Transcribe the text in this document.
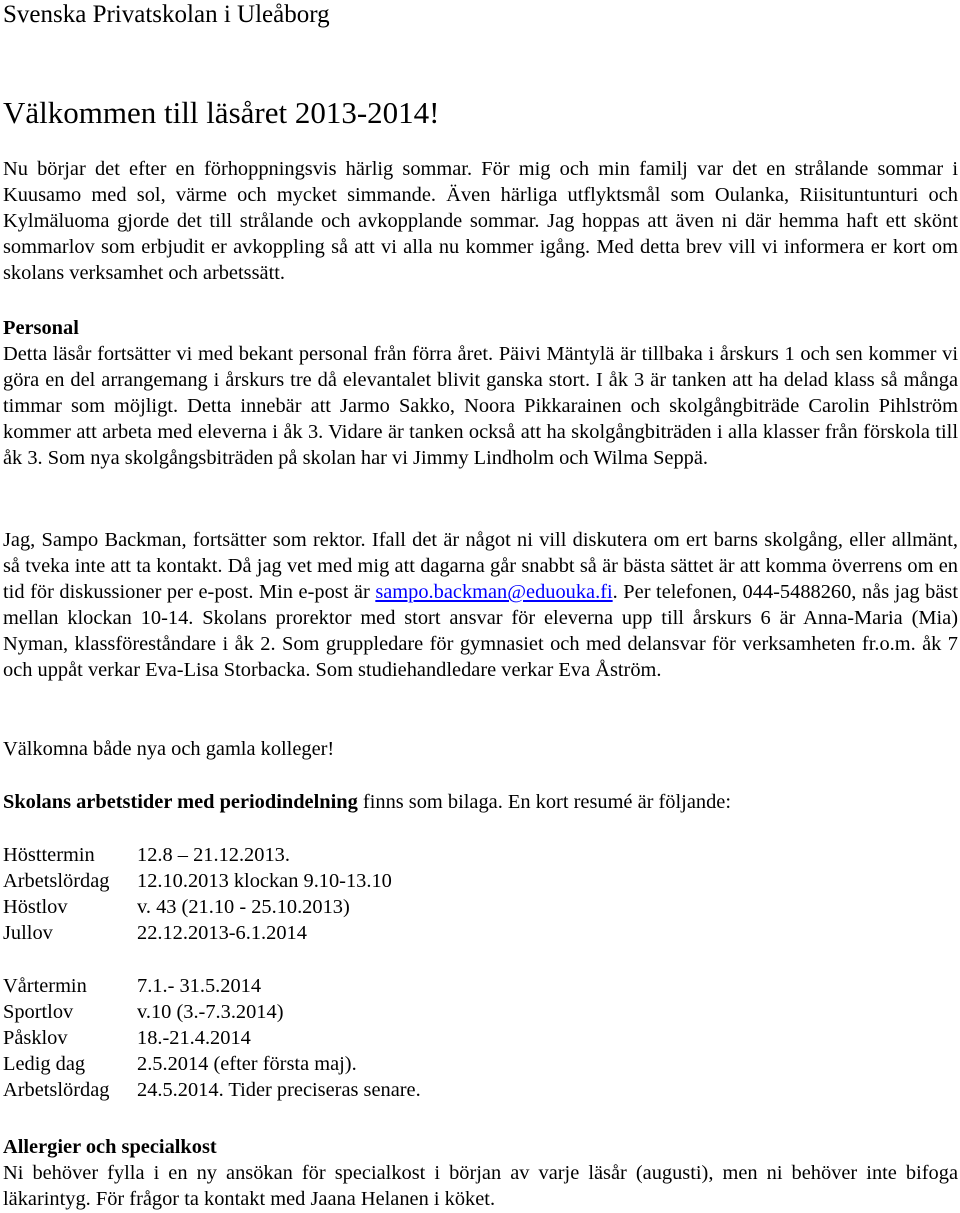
Svenska Privatskolan i Uleåborg
Välkommen till läsåret 2013-2014!

Nu börjar det efter en förhoppningsvis härlig sommar. För mig och min familj var det en strålande sommar i Kuusamo med sol, värme och mycket simmande. Även härliga utflyktsmål som Oulanka, Riisituntunturi och Kylmäluoma gjorde det till strålande och avkopplande sommar. Jag hoppas att även ni där hemma haft ett skönt sommarlov som erbjudit er avkoppling så att vi alla nu kommer igång. Med detta brev vill vi informera er kort om skolans verksamhet och arbetssätt.

Personal

Detta läsår fortsätter vi med bekant personal från förra året. Päivi Mäntylä är tillbaka i årskurs 1 och sen kommer vi göra en del arrangemang i årskurs tre då elevantalet blivit ganska stort. I åk 3 är tanken att ha delad klass så många timmar som möjligt. Detta innebär att Jarmo Sakko, Noora Pikkarainen och skolgångbiträde Carolin Pihlström kommer att arbeta med eleverna i åk 3. Vidare är tanken också att ha skolgångbiträden i alla klasser från förskola till åk 3. Som nya skolgångsbiträden på skolan har vi Jimmy Lindholm och Wilma Seppä.

Jag, Sampo Backman, fortsätter som rektor. Ifall det är något ni vill diskutera om ert barns skolgång, eller allmänt, så tveka inte att ta kontakt. Då jag vet med mig att dagarna går snabbt så är bästa sättet är att komma överrens om en tid för diskussioner per e-post. Min e-post är sampo.backman@eduouka.fi. Per telefonen, 044-5488260, nås jag bäst mellan klockan 10-14. Skolans prorektor med stort ansvar för eleverna upp till årskurs 6 är Anna-Maria (Mia) Nyman, klassföreståndare i åk 2. Som gruppledare för gymnasiet och med delansvar för verksamheten fr.o.m. åk 7 och uppåt verkar Eva-Lisa Storbacka. Som studiehandledare verkar Eva Åström.

Välkomna både nya och gamla kolleger!

Skolans arbetstider med periodindelning finns som bilaga. En kort resumé är följande:

Hösttermin	12.8 – 21.12.2013.
Arbetslördag	12.10.2013 klockan 9.10-13.10
Höstlov	v. 43 (21.10 - 25.10.2013)
Jullov	22.12.2013-6.1.2014
Vårtermin	7.1.- 31.5.2014
Sportlov	v.10 (3.-7.3.2014)
Påsklov	18.-21.4.2014
Ledig dag	2.5.2014 (efter första maj).
Arbetslördag	24.5.2014. Tider preciseras senare.

Allergier och specialkost

Ni behöver fylla i en ny ansökan för specialkost i början av varje läsår (augusti), men ni behöver inte bifoga läkarintyg. För frågor ta kontakt med Jaana Helanen i köket.
